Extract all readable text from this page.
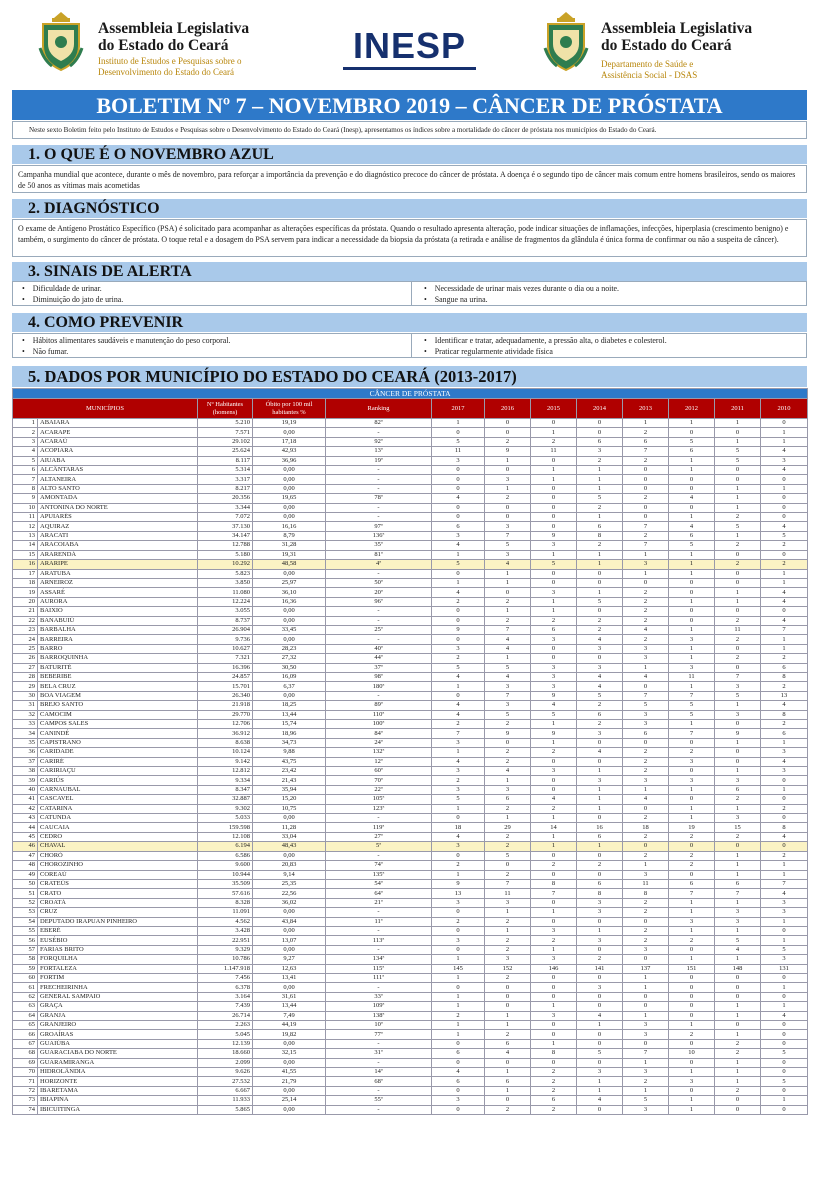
Assembleia Legislativa
do Estado do Ceará
Instituto de Estudos e Pesquisas sobre o
Desenvolvimento do Estado do Ceará
INESP	Assembleia Legislativa
do Estado do Ceará
Departamento de Saúde e
Assistência Social - DSAS
BOLETIM Nº 7 – NOVEMBRO 2019 – CÂNCER DE PRÓSTATA
Neste sexto Boletim feito pelo Instituto de Estudos e Pesquisas sobre o Desenvolvimento do Estado do Ceará (Inesp), apresentamos os índices sobre a mortalidade do câncer de próstata nos municípios do Estado do Ceará.
1. O QUE É O NOVEMBRO AZUL
Campanha mundial que acontece, durante o mês de novembro, para reforçar a importância da prevenção e do diagnóstico precoce do câncer de próstata. A doença é o segundo tipo de câncer mais comum entre homens brasileiros, sendo os maiores de 50 anos as vítimas mais acometidas
2. DIAGNÓSTICO
O exame de Antígeno Prostático Específico (PSA) é solicitado para acompanhar as alterações específicas da próstata. Quando o resultado apresenta alteração, pode indicar situações de inflamações, infecções, hiperplasia (crescimento benigno) e também, o surgimento do câncer de próstata. O toque retal e a dosagem do PSA servem para indicar a necessidade da biopsia da próstata (a retirada e análise de fragmentos da glândula é única forma de confirmar ou não a suspeita de câncer).
3. SINAIS DE ALERTA
• Dificuldade de urinar.
• Diminuição do jato de urina.
• Necessidade de urinar mais vezes durante o dia ou a noite.
• Sangue na urina.
4. COMO PREVENIR
• Hábitos alimentares saudáveis e manutenção do peso corporal.
• Não fumar.
• Identificar e tratar, adequadamente, a pressão alta, o diabetes e colesterol.
• Praticar regularmente atividade física
5. DADOS POR MUNICÍPIO DO ESTADO DO CEARÁ (2013-2017)
CÂNCER DE PRÓSTATA												
MUNICÍPIOS		Nº Habitantes (homens)	Óbito por 100 mil habitantes %	Ranking	2017	2016	2015	2014	2013	2012	2011	2010
1	ABAIARA	5.210	19,19	82ª	1	0	0	0	1	1	1	0
2	ACARAPE	7.571	0,00	-	0	0	1	0	2	0	0	1
3	ACARAÚ	29.102	17,18	92ª	5	2	2	6	6	5	1	1
4	ACOPIARA	25.624	42,93	13ª	11	9	11	3	7	6	5	4
5	AIUABA	8.117	36,96	19ª	3	1	0	2	2	1	5	3
6	ALCÂNTARAS	5.314	0,00	-	0	0	1	1	0	1	0	4
7	ALTANEIRA	3.317	0,00	-	0	3	1	1	0	0	0	0
8	ALTO SANTO	8.217	0,00	-	0	1	0	1	0	0	1	1
9	AMONTADA	20.356	19,65	78ª	4	2	0	5	2	4	1	0
10	ANTONINA DO NORTE	3.344	0,00	-	0	0	0	2	0	0	1	0
11	APUIARÉS	7.072	0,00	-	0	0	0	1	0	1	2	0
12	AQUIRAZ	37.130	16,16	97ª	6	3	0	6	7	4	5	4
13	ARACATI	34.147	8,79	136ª	3	7	9	8	2	6	1	5
14	ARACOIABA	12.788	31,28	35ª	4	5	3	2	7	5	2	2
15	ARARENDÁ	5.180	19,31	81ª	1	3	1	1	1	1	0	0
16	ARARIPE	10.292	48,58	4ª	5	4	5	1	3	1	2	2
17	ARATUBA	5.823	0,00	-	0	1	0	0	1	1	0	1
18	ARNEIROZ	3.850	25,97	50ª	1	1	0	0	0	0	0	1
19	ASSARÉ	11.080	36,10	20ª	4	0	3	1	2	0	1	4
20	AURORA	12.224	16,36	96ª	2	2	1	5	2	1	1	4
21	BAIXIO	3.055	0,00	-	0	1	1	0	2	0	0	0
22	BANABUIÚ	8.737	0,00	-	0	2	2	2	2	0	2	4
23	BARBALHA	26.904	33,45	25ª	9	7	6	2	4	1	11	7
24	BARREIRA	9.736	0,00	-	0	4	3	4	2	3	2	1
25	BARRO	10.627	28,23	40ª	3	4	0	3	3	1	0	1
26	BARROQUINHA	7.321	27,32	44ª	2	1	0	0	3	1	2	2
27	BATURITÉ	16.396	30,50	37ª	5	5	3	3	1	3	0	6
28	BEBERIBE	24.857	16,09	98ª	4	4	3	4	4	11	7	8
29	BELA CRUZ	15.701	6,37	180ª	1	3	3	4	0	1	3	2
30	BOA VIAGEM	26.340	0,00	-	0	7	9	5	7	7	5	13
31	BREJO SANTO	21.918	18,25	89ª	4	3	4	2	5	5	1	4
32	CAMOCIM	29.770	13,44	110ª	4	5	5	6	3	5	3	8
33	CAMPOS SALES	12.706	15,74	100ª	2	2	1	2	3	1	0	2
34	CANINDÉ	36.912	18,96	84ª	7	9	9	3	6	7	9	6
35	CAPISTRANO	8.638	34,73	24ª	3	0	1	0	0	0	1	1
36	CARIDADE	10.124	9,88	132ª	1	2	2	4	2	2	0	3
37	CARIRÉ	9.142	43,75	12ª	4	2	0	0	2	3	0	4
38	CARIRIAÇU	12.812	23,42	60ª	3	4	3	1	2	0	1	3
39	CARIÚS	9.334	21,43	70ª	2	1	0	3	3	3	3	0
40	CARNAUBAL	8.347	35,94	22ª	3	3	0	1	1	1	6	1
41	CASCAVEL	32.887	15,20	105ª	5	6	4	1	4	0	2	0
42	CATARINA	9.302	10,75	123ª	1	2	2	1	0	1	1	2
43	CATUNDA	5.033	0,00	-	0	1	1	0	2	1	3	0
44	CAUCAIA	159.598	11,28	119ª	18	29	14	16	18	19	15	8
45	CEDRO	12.108	33,04	27ª	4	2	1	6	2	2	2	4
46	CHAVAL	6.194	48,43	5ª	3	2	1	1	0	0	0	0
47	CHORÓ	6.586	0,00	-	0	5	0	0	2	2	1	2
48	CHOROZINHO	9.600	20,83	74ª	2	0	2	2	1	2	1	1
49	COREAÚ	10.944	9,14	135ª	1	2	0	0	3	0	1	1
50	CRATEÚS	35.509	25,35	54ª	9	7	8	6	11	6	6	7
51	CRATO	57.616	22,56	64ª	13	11	7	8	8	7	7	4
52	CROATÁ	8.328	36,02	21ª	3	3	0	3	2	1	1	3
53	CRUZ	11.091	0,00	-	0	1	1	3	2	1	3	3
54	DEPUTADO IRAPUAN PINHEIRO	4.562	43,84	11ª	2	2	0	0	0	3	3	1
55	EBERÉ	3.428	0,00	-	0	1	3	1	2	1	1	0
56	EUSÉBIO	22.951	13,07	113ª	3	2	2	3	2	2	5	1
57	FARIAS BRITO	9.329	0,00	-	0	2	1	0	3	0	4	5
58	FORQUILHA	10.786	9,27	134ª	1	3	3	2	0	1	1	3
59	FORTALEZA	1.147.918	12,63	115ª	145	152	146	141	137	151	148	131
60	FORTIM	7.456	13,41	111ª	1	2	0	0	1	0	0	0
61	FRECHEIRINHA	6.378	0,00	-	0	0	0	3	1	0	0	1
62	GENERAL SAMPAIO	3.164	31,61	33ª	1	0	0	0	0	0	0	0
63	GRAÇA	7.439	13,44	109ª	1	0	1	0	0	0	1	1
64	GRANJA	26.714	7,49	138ª	2	1	3	4	1	0	1	4
65	GRANJEIRO	2.263	44,19	10ª	1	1	0	1	3	1	0	0
66	GROAÍRAS	5.045	19,82	77ª	1	2	0	0	3	2	1	0
67	GUAIÚBA	12.139	0,00	-	0	6	1	0	0	0	2	0
68	GUARACIABA DO NORTE	18.660	32,15	31ª	6	4	8	5	7	10	2	5
69	GUARAMIRANGA	2.099	0,00	-	0	0	0	0	1	0	1	0
70	HIDROLÂNDIA	9.626	41,55	14ª	4	1	2	3	3	1	1	0
71	HORIZONTE	27.532	21,79	68ª	6	6	2	1	2	3	1	5
72	IBARETAMA	6.667	0,00	-	0	1	2	1	1	0	2	0
73	IBIAPINA	11.933	25,14	55ª	3	0	6	4	5	1	0	1
74	IBICUITINGA	5.865	0,00	-	0	2	2	0	3	1	0	0
